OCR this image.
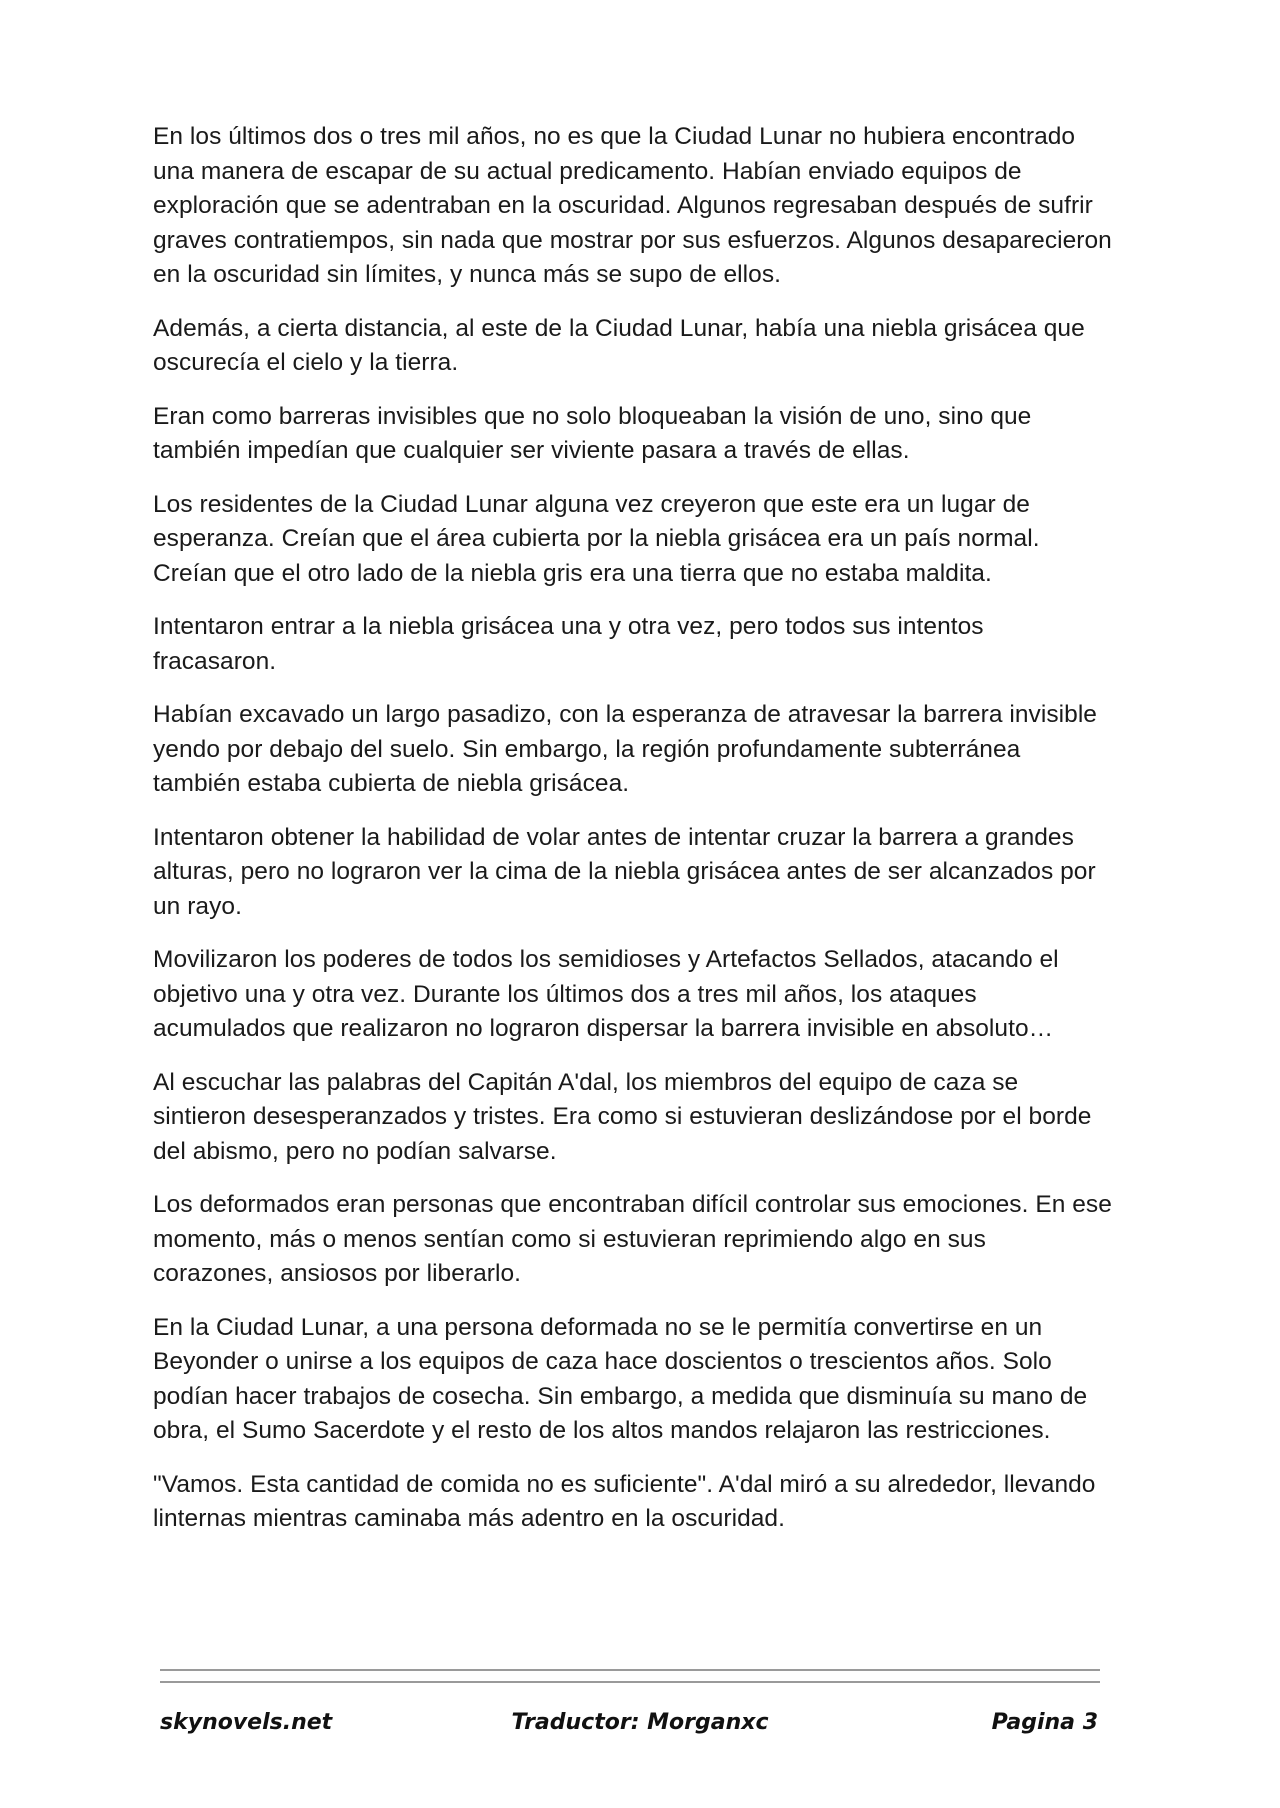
En los últimos dos o tres mil años, no es que la Ciudad Lunar no hubiera encontrado una manera de escapar de su actual predicamento. Habían enviado equipos de exploración que se adentraban en la oscuridad. Algunos regresaban después de sufrir graves contratiempos, sin nada que mostrar por sus esfuerzos. Algunos desaparecieron en la oscuridad sin límites, y nunca más se supo de ellos.

Además, a cierta distancia, al este de la Ciudad Lunar, había una niebla grisácea que oscurecía el cielo y la tierra.

Eran como barreras invisibles que no solo bloqueaban la visión de uno, sino que también impedían que cualquier ser viviente pasara a través de ellas.

Los residentes de la Ciudad Lunar alguna vez creyeron que este era un lugar de esperanza. Creían que el área cubierta por la niebla grisácea era un país normal. Creían que el otro lado de la niebla gris era una tierra que no estaba maldita.

Intentaron entrar a la niebla grisácea una y otra vez, pero todos sus intentos fracasaron.

Habían excavado un largo pasadizo, con la esperanza de atravesar la barrera invisible yendo por debajo del suelo. Sin embargo, la región profundamente subterránea también estaba cubierta de niebla grisácea.

Intentaron obtener la habilidad de volar antes de intentar cruzar la barrera a grandes alturas, pero no lograron ver la cima de la niebla grisácea antes de ser alcanzados por un rayo.

Movilizaron los poderes de todos los semidioses y Artefactos Sellados, atacando el objetivo una y otra vez. Durante los últimos dos a tres mil años, los ataques acumulados que realizaron no lograron dispersar la barrera invisible en absoluto…

Al escuchar las palabras del Capitán A'dal, los miembros del equipo de caza se sintieron desesperanzados y tristes. Era como si estuvieran deslizándose por el borde del abismo, pero no podían salvarse.

Los deformados eran personas que encontraban difícil controlar sus emociones. En ese momento, más o menos sentían como si estuvieran reprimiendo algo en sus corazones, ansiosos por liberarlo.

En la Ciudad Lunar, a una persona deformada no se le permitía convertirse en un Beyonder o unirse a los equipos de caza hace doscientos o trescientos años. Solo podían hacer trabajos de cosecha. Sin embargo, a medida que disminuía su mano de obra, el Sumo Sacerdote y el resto de los altos mandos relajaron las restricciones.

"Vamos. Esta cantidad de comida no es suficiente". A'dal miró a su alrededor, llevando linternas mientras caminaba más adentro en la oscuridad.

skynovels.net	Traductor: Morganxc	Pagina 3
